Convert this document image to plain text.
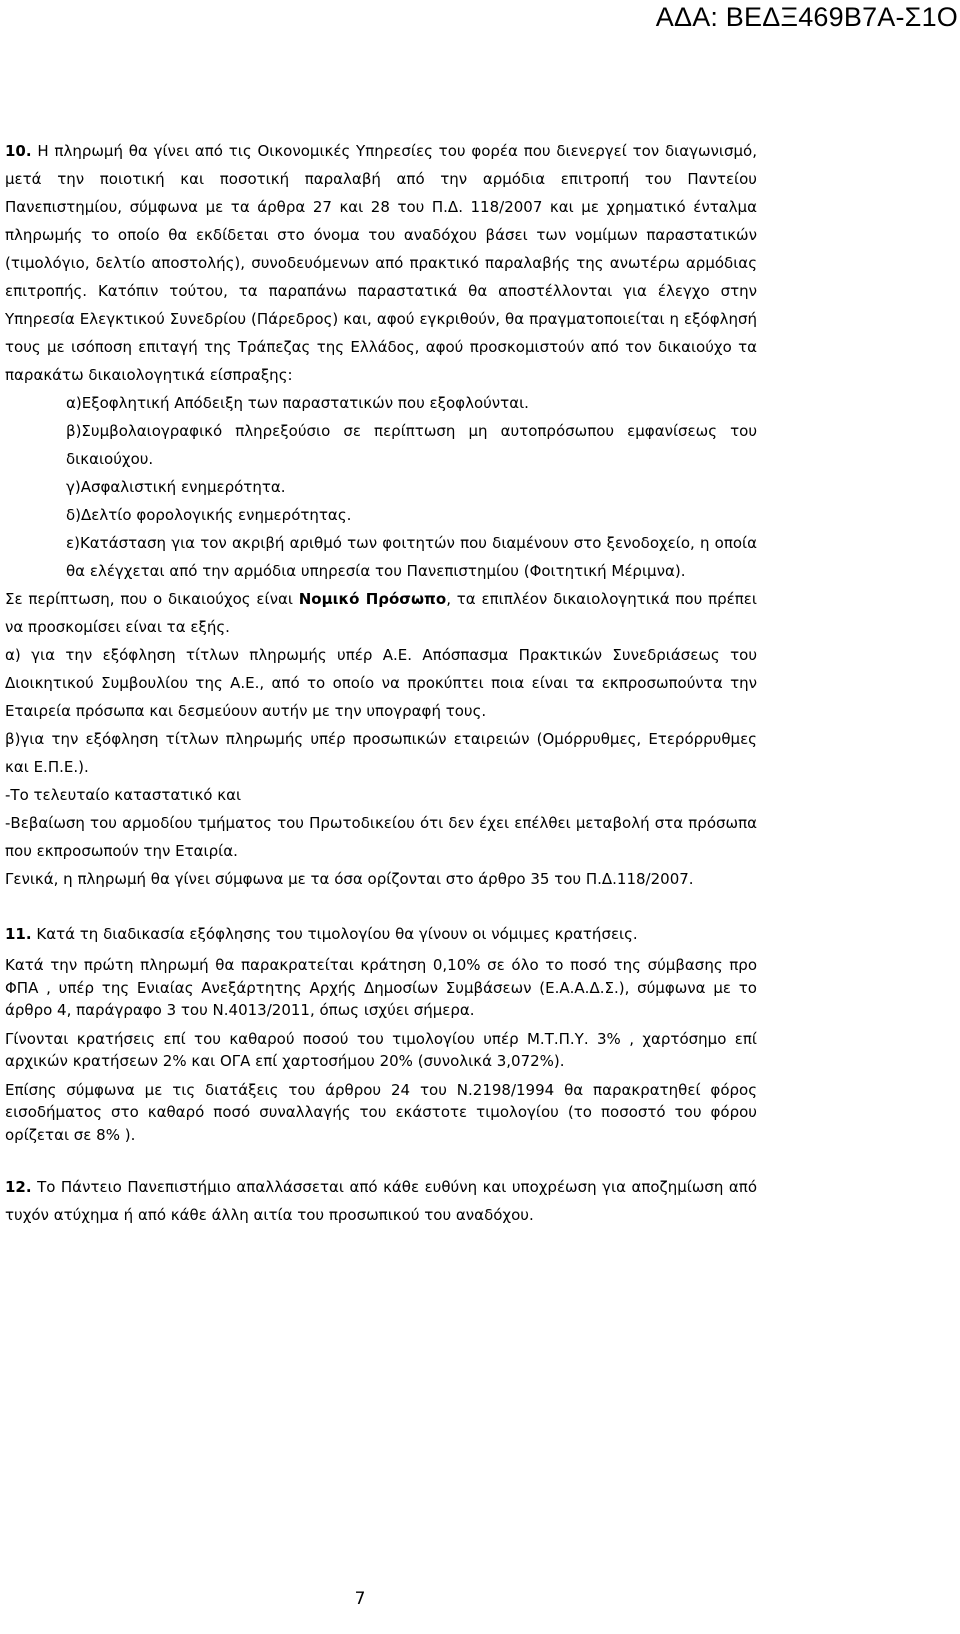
ΑΔΑ: ΒΕΔΞ469Β7Α-Σ1Ο

10. Η πληρωμή θα γίνει από τις Οικονομικές Υπηρεσίες του φορέα που διενεργεί τον διαγωνισμό, μετά την ποιοτική και ποσοτική παραλαβή από την αρμόδια επιτροπή του Παντείου Πανεπιστημίου, σύμφωνα με τα άρθρα 27 και 28 του Π.Δ. 118/2007 και με χρηματικό ένταλμα πληρωμής το οποίο θα εκδίδεται στο όνομα του αναδόχου βάσει των νομίμων παραστατικών (τιμολόγιο, δελτίο αποστολής), συνοδευόμενων από πρακτικό παραλαβής της ανωτέρω αρμόδιας επιτροπής. Κατόπιν τούτου, τα παραπάνω παραστατικά θα αποστέλλονται για έλεγχο στην Υπηρεσία Ελεγκτικού Συνεδρίου (Πάρεδρος) και, αφού εγκριθούν, θα πραγματοποιείται η εξόφλησή τους με ισόποση επιταγή της Τράπεζας της Ελλάδος, αφού προσκομιστούν από τον δικαιούχο τα παρακάτω δικαιολογητικά είσπραξης:

α)Εξοφλητική Απόδειξη των παραστατικών που εξοφλούνται.

β)Συμβολαιογραφικό πληρεξούσιο σε περίπτωση μη αυτοπρόσωπου εμφανίσεως του δικαιούχου.

γ)Ασφαλιστική ενημερότητα.

δ)Δελτίο φορολογικής ενημερότητας.

ε)Κατάσταση για τον ακριβή αριθμό των φοιτητών που διαμένουν στο ξενοδοχείο, η οποία θα ελέγχεται από την αρμόδια υπηρεσία του Πανεπιστημίου (Φοιτητική Μέριμνα).

Σε περίπτωση, που ο δικαιούχος είναι Νομικό Πρόσωπο, τα επιπλέον δικαιολογητικά που πρέπει να προσκομίσει είναι τα εξής.

α) για την εξόφληση τίτλων πληρωμής υπέρ Α.Ε. Απόσπασμα Πρακτικών Συνεδριάσεως του Διοικητικού Συμβουλίου της Α.Ε., από το οποίο να προκύπτει ποια είναι τα εκπροσωπούντα την Εταιρεία πρόσωπα και δεσμεύουν αυτήν με την υπογραφή τους.

β)για την εξόφληση τίτλων πληρωμής υπέρ προσωπικών εταιρειών (Ομόρρυθμες, Ετερόρρυθμες και Ε.Π.Ε.).

-Το τελευταίο καταστατικό και

-Βεβαίωση του αρμοδίου τμήματος του Πρωτοδικείου ότι δεν έχει επέλθει μεταβολή στα πρόσωπα που εκπροσωπούν την Εταιρία.

Γενικά, η πληρωμή θα γίνει σύμφωνα με τα όσα ορίζονται στο άρθρο 35 του Π.Δ.118/2007.

11. Κατά τη διαδικασία εξόφλησης του τιμολογίου θα γίνουν οι νόμιμες κρατήσεις.

Κατά την πρώτη πληρωμή θα παρακρατείται κράτηση 0,10% σε όλο το ποσό της σύμβασης προ ΦΠΑ , υπέρ της Ενιαίας Ανεξάρτητης Αρχής Δημοσίων Συμβάσεων (Ε.Α.Α.Δ.Σ.), σύμφωνα με το άρθρο 4, παράγραφο 3 του Ν.4013/2011, όπως ισχύει σήμερα.

Γίνονται κρατήσεις επί του καθαρού ποσού του τιμολογίου υπέρ Μ.Τ.Π.Υ. 3% , χαρτόσημο επί αρχικών κρατήσεων 2% και ΟΓΑ επί χαρτοσήμου 20% (συνολικά 3,072%).

Επίσης σύμφωνα με τις διατάξεις του άρθρου 24 του Ν.2198/1994 θα παρακρατηθεί φόρος εισοδήματος στο καθαρό ποσό συναλλαγής του εκάστοτε τιμολογίου (το ποσοστό του φόρου ορίζεται σε 8% ).

12. Το Πάντειο Πανεπιστήμιο απαλλάσσεται από κάθε ευθύνη και υποχρέωση για αποζημίωση από τυχόν ατύχημα ή από κάθε άλλη αιτία του προσωπικού του αναδόχου.

7
